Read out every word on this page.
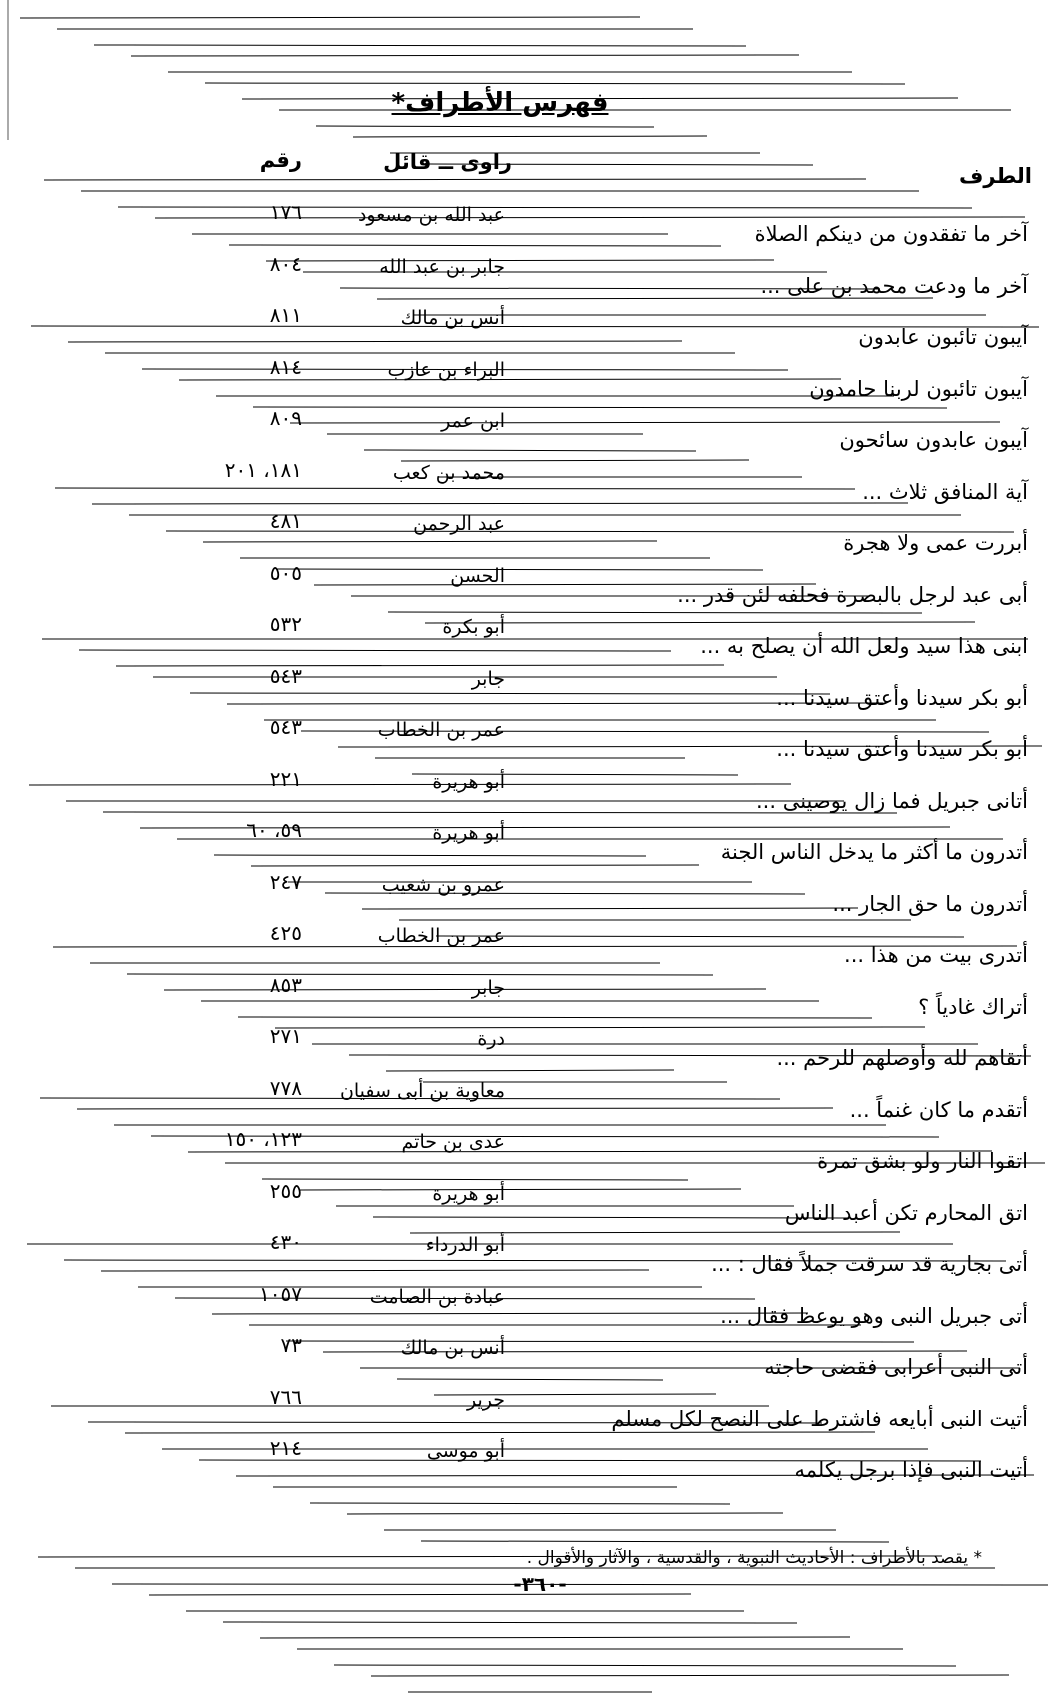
فهرس الأطراف*
الطرف
راوى ــ قائل
رقم
آخر ما تفقدون من دينكم الصلاة
عبد الله بن مسعود
١٧٦
آخر ما ودعت محمد بن على ...
جابر بن عبد الله
٨٠٤
آيبون تائبون عابدون
أنس بن مالك
٨١١
آيبون تائبون لربنا حامدون
البراء بن عازب
٨١٤
آيبون عابدون سائحون
ابن عمر
٨٠٩
آية المنافق ثلاث ...
محمد بن كعب
١٨١، ٢٠١
أبررت عمى ولا هجرة
عبد الرحمن
٤٨١
أبى عبد لرجل بالبصرة فحلفه لئن قدر ...
الحسن
٥٠٥
ابنى هذا سيد ولعل الله أن يصلح به ...
أبو بكرة
٥٣٢
أبو بكر سيدنا وأعتق سيدنا ...
جابر
٥٤٣
أبو بكر سيدنا وأعتق سيدنا ...
عمر بن الخطاب
٥٤٣
أتانى جبريل فما زال يوصينى ...
أبو هريرة
٢٢١
أتدرون ما أكثر ما يدخل الناس الجنة
أبو هريرة
٥٩، ٦٠
أتدرون ما حق الجار ...
عمرو بن شعيب
٢٤٧
أتدرى بيت من هذا ...
عمر بن الخطاب
٤٢٥
أتراك غادياً ؟
جابر
٨٥٣
أتقاهم لله وأوصلهم للرحم ...
درة
٢٧١
أتقدم ما كان غنماً ...
معاوية بن أبى سفيان
٧٧٨
اتقوا النار ولو بشق تمرة
عدى بن حاتم
١٢٣، ١٥٠
اتق المحارم تكن أعبد الناس
أبو هريرة
٢٥٥
أتى بجارية قد سرقت جملاً فقال : ...
أبو الدرداء
٤٣٠
أتى جبريل النبى وهو يوعظ فقال ...
عبادة بن الصامت
١٠٥٧
أتى النبى أعرابى فقضى حاجته
أنس بن مالك
٧٣
أتيت النبى أبايعه فاشترط على النصح لكل مسلم
جرير
٧٦٦
أتيت النبى فإذا برجل يكلمه
أبو موسى
٢١٤
* يقصد بالأطراف : الأحاديث النبوية ، والقدسية ، والآثار والأقوال .
-٣٦٠-
